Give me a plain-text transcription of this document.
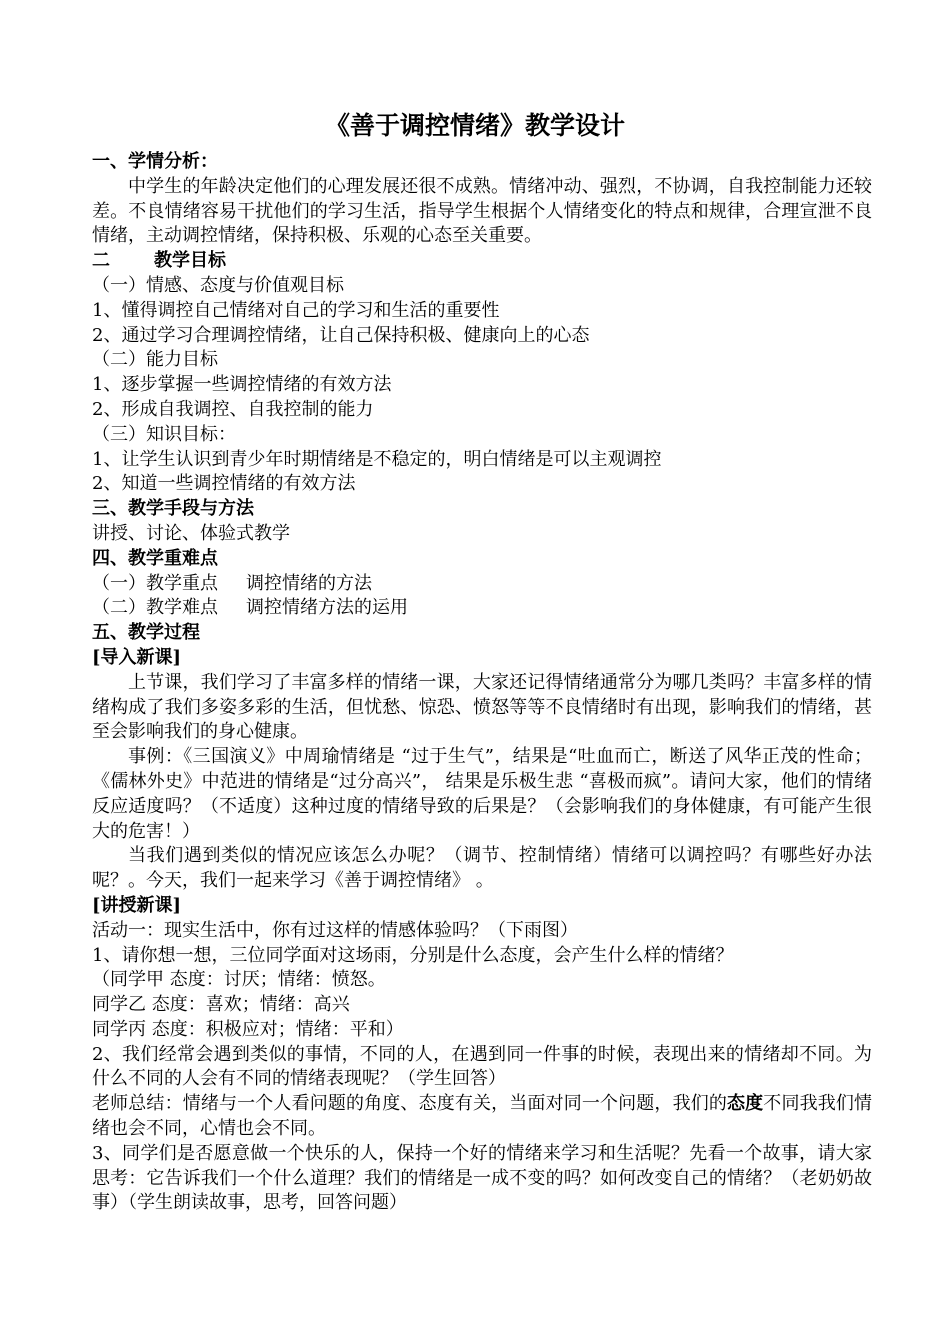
《善于调控情绪》教学设计

一、学情分析：

中学生的年龄决定他们的心理发展还很不成熟。情绪冲动、强烈，不协调，自我控制能力还较差。不良情绪容易干扰他们的学习生活，指导学生根据个人情绪变化的特点和规律，合理宣泄不良情绪，主动调控情绪，保持积极、乐观的心态至关重要。

二 教学目标

（一）情感、态度与价值观目标

1、懂得调控自己情绪对自己的学习和生活的重要性

2、通过学习合理调控情绪，让自己保持积极、健康向上的心态

（二）能力目标

1、逐步掌握一些调控情绪的有效方法

2、形成自我调控、自我控制的能力

（三）知识目标：

1、让学生认识到青少年时期情绪是不稳定的，明白情绪是可以主观调控

2、知道一些调控情绪的有效方法

三、教学手段与方法

讲授、讨论、体验式教学

四、教学重难点

（一）教学重点 调控情绪的方法

（二）教学难点 调控情绪方法的运用

五、教学过程

[导入新课]

上节课，我们学习了丰富多样的情绪一课，大家还记得情绪通常分为哪几类吗？丰富多样的情绪构成了我们多姿多彩的生活，但忧愁、惊恐、愤怒等等不良情绪时有出现，影响我们的情绪，甚至会影响我们的身心健康。

事例：《三国演义》中周瑜情绪是 “过于生气”，结果是“吐血而亡，断送了风华正茂的性命；《儒林外史》中范进的情绪是“过分高兴”， 结果是乐极生悲 “喜极而疯”。请问大家，他们的情绪反应适度吗？（不适度）这种过度的情绪导致的后果是？（会影响我们的身体健康，有可能产生很大的危害！）

当我们遇到类似的情况应该怎么办呢？（调节、控制情绪）情绪可以调控吗？有哪些好办法呢？。今天，我们一起来学习《善于调控情绪》 。

[讲授新课]

活动一：现实生活中，你有过这样的情感体验吗？（下雨图）

1、请你想一想，三位同学面对这场雨，分别是什么态度，会产生什么样的情绪？

（同学甲 态度：讨厌；情绪：愤怒。

同学乙 态度：喜欢；情绪：高兴

同学丙 态度：积极应对；情绪：平和）

2、我们经常会遇到类似的事情，不同的人，在遇到同一件事的时候，表现出来的情绪却不同。为什么不同的人会有不同的情绪表现呢？（学生回答）

老师总结：情绪与一个人看问题的角度、态度有关，当面对同一个问题，我们的态度不同我我们情绪也会不同，心情也会不同。

3、同学们是否愿意做一个快乐的人，保持一个好的情绪来学习和生活呢？先看一个故事，请大家思考：它告诉我们一个什么道理？我们的情绪是一成不变的吗？如何改变自己的情绪？（老奶奶故事）（学生朗读故事，思考，回答问题）
